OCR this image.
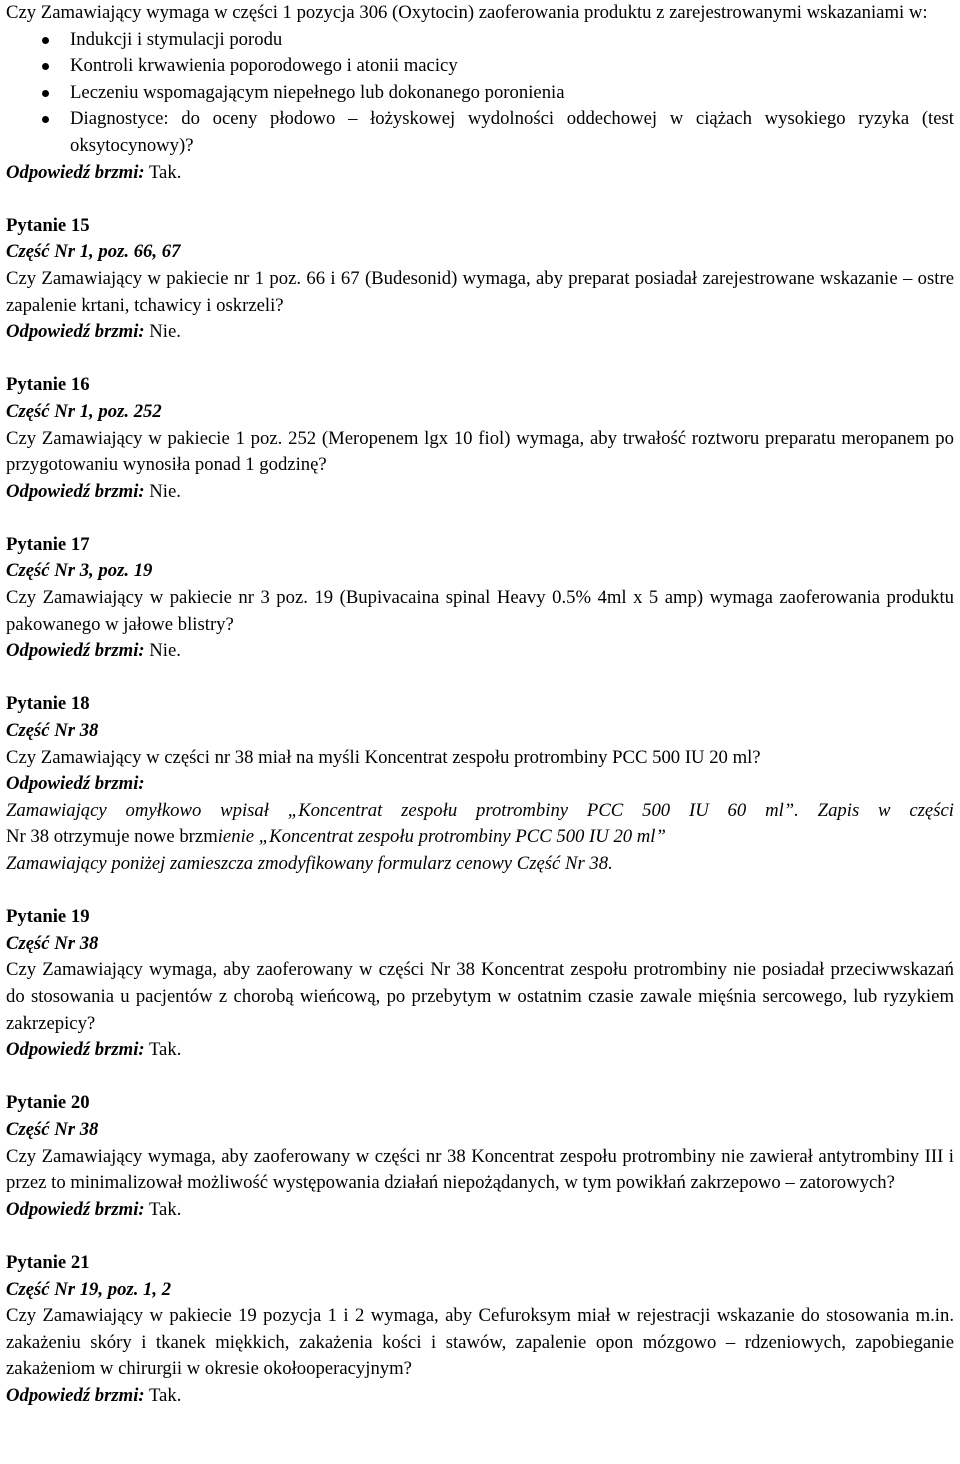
Czy Zamawiający wymaga w części 1 pozycja 306 (Oxytocin) zaoferowania produktu z zarejestrowanymi wskazaniami w:

Indukcji i stymulacji porodu
Kontroli krwawienia poporodowego i atonii macicy
Leczeniu wspomagającym niepełnego lub dokonanego poronienia
Diagnostyce: do oceny płodowo – łożyskowej wydolności oddechowej w ciążach wysokiego ryzyka (test oksytocynowy)?

Odpowiedź brzmi: Tak.

Pytanie 15

Część Nr 1, poz. 66, 67

Czy Zamawiający w pakiecie nr 1 poz. 66 i 67 (Budesonid) wymaga, aby preparat posiadał zarejestrowane wskazanie – ostre zapalenie krtani, tchawicy i oskrzeli?

Odpowiedź brzmi: Nie.

Pytanie 16

Część Nr 1, poz. 252

Czy Zamawiający w pakiecie 1 poz. 252 (Meropenem lgx 10 fiol) wymaga, aby trwałość roztworu preparatu meropanem po przygotowaniu wynosiła ponad 1 godzinę?

Odpowiedź brzmi: Nie.

Pytanie 17

Część Nr 3, poz. 19

Czy Zamawiający w pakiecie nr 3 poz. 19 (Bupivacaina spinal Heavy 0.5% 4ml x 5 amp) wymaga zaoferowania produktu pakowanego w jałowe blistry?

Odpowiedź brzmi: Nie.

Pytanie 18

Część Nr 38

Czy Zamawiający w części nr 38 miał na myśli Koncentrat zespołu protrombiny PCC 500 IU 20 ml?

Odpowiedź brzmi:

Zamawiający omyłkowo wpisał „Koncentrat zespołu protrombiny PCC 500 IU 60 ml”. Zapis w części

Nr 38 otrzymuje nowe brzmienie „Koncentrat zespołu protrombiny PCC 500 IU 20 ml”

Zamawiający poniżej zamieszcza zmodyfikowany formularz cenowy Część Nr 38.

Pytanie 19

Część Nr 38

Czy Zamawiający wymaga, aby zaoferowany w części Nr 38 Koncentrat zespołu protrombiny nie posiadał przeciwwskazań do stosowania u pacjentów z chorobą wieńcową, po przebytym w ostatnim czasie zawale mięśnia sercowego, lub ryzykiem zakrzepicy?

Odpowiedź brzmi: Tak.

Pytanie 20

Część Nr 38

Czy Zamawiający wymaga, aby zaoferowany w części nr 38 Koncentrat zespołu protrombiny nie zawierał antytrombiny III i przez to minimalizował możliwość występowania działań niepożądanych, w tym powikłań zakrzepowo – zatorowych?

Odpowiedź brzmi: Tak.

Pytanie 21

Część Nr 19, poz. 1, 2

Czy Zamawiający w pakiecie 19 pozycja 1 i 2 wymaga, aby Cefuroksym miał w rejestracji wskazanie do stosowania m.in. zakażeniu skóry i tkanek miękkich, zakażenia kości i stawów, zapalenie opon mózgowo – rdzeniowych, zapobieganie zakażeniom w chirurgii w okresie okołooperacyjnym?

Odpowiedź brzmi: Tak.
